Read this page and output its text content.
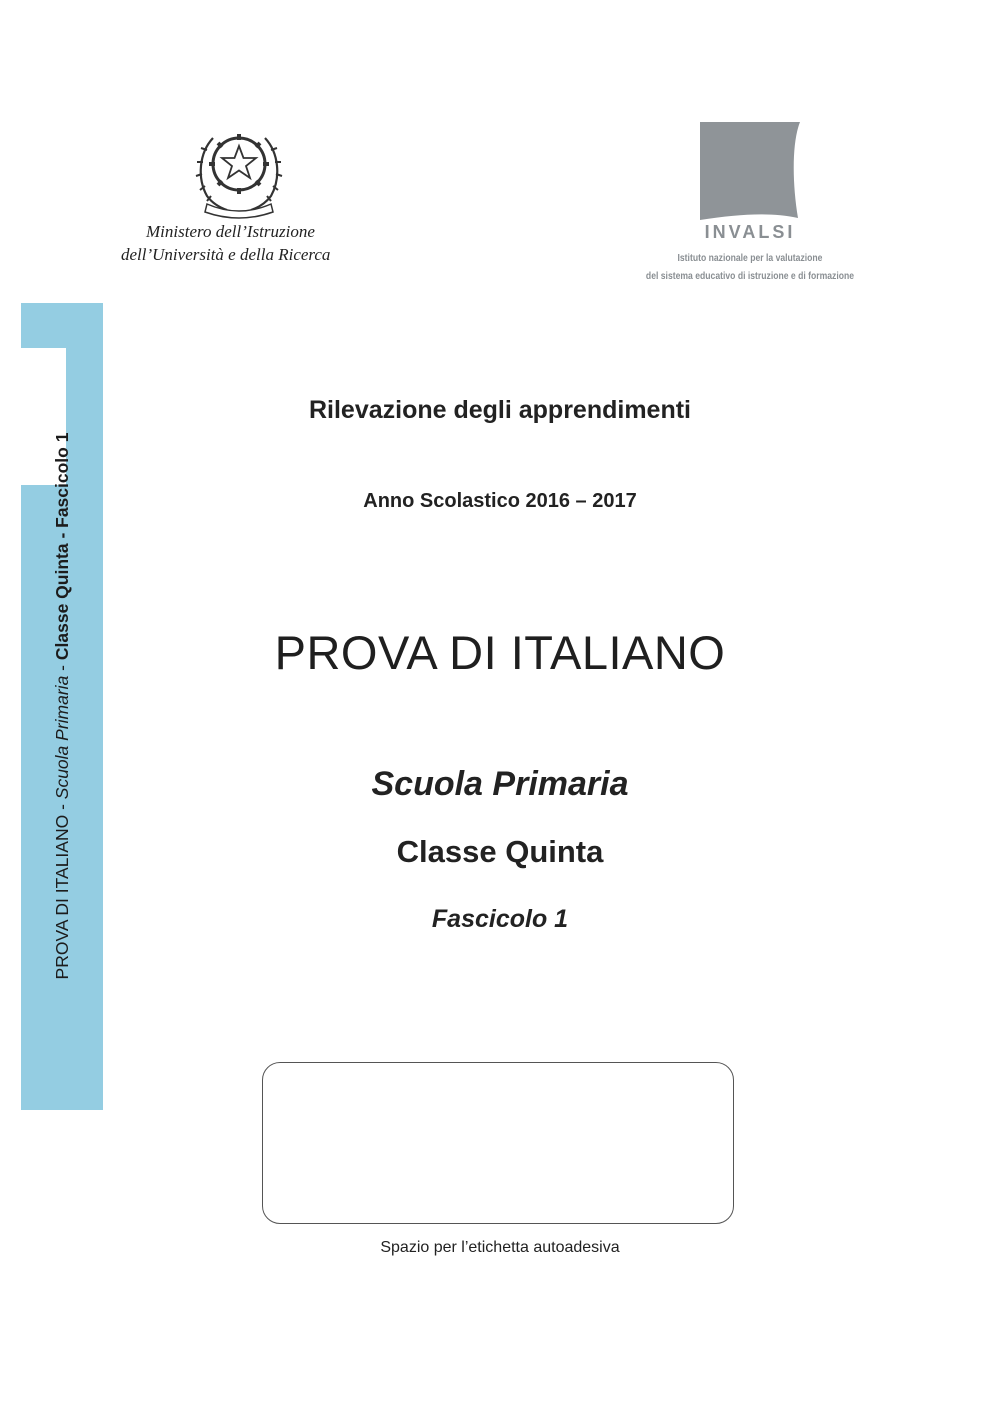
Ministero dell’Istruzione
dell’Università e della Ricerca
INVALSI
Istituto nazionale per la valutazione
del sistema educativo di istruzione e di formazione
PROVA DI ITALIANO - Scuola Primaria - Classe Quinta - Fascicolo 1
Rilevazione degli apprendimenti
Anno Scolastico 2016 – 2017
PROVA DI ITALIANO
Scuola Primaria
Classe Quinta
Fascicolo 1
Spazio per l’etichetta autoadesiva
